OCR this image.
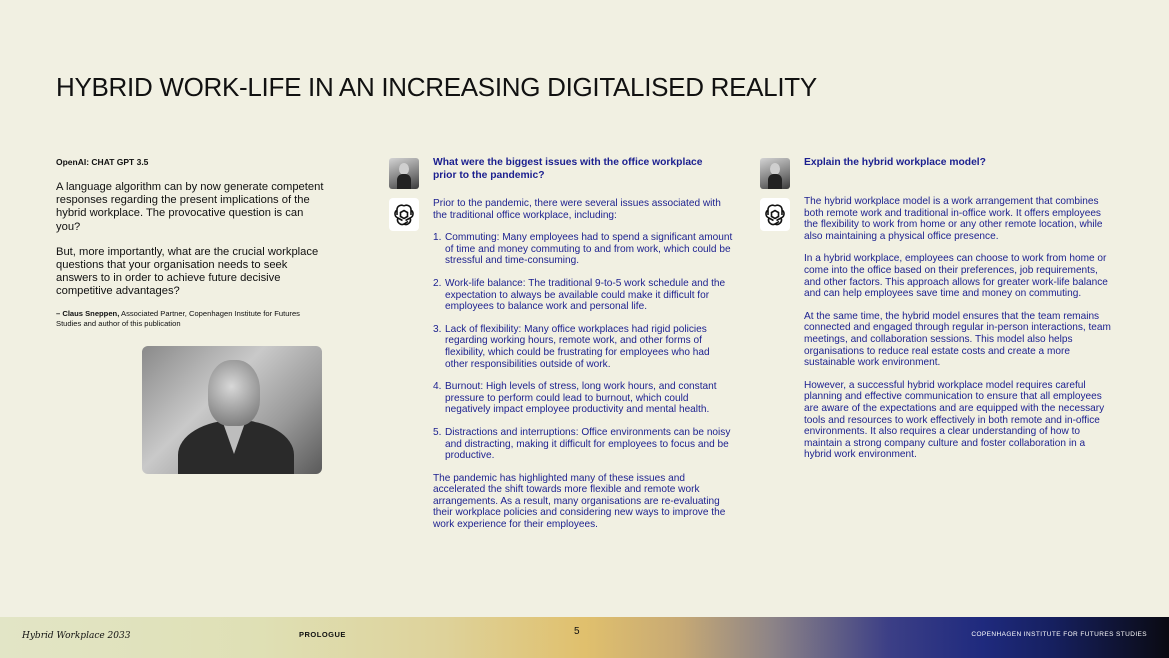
HYBRID WORK-LIFE IN AN INCREASING DIGITALISED REALITY
OpenAI: CHAT GPT 3.5

A language algorithm can by now generate competent responses regarding the present implications of the hybrid workplace. The provocative question is can you?

But, more importantly, what are the crucial workplace questions that your organisation needs to seek answers to in order to achieve future decisive competitive advantages?

– Claus Sneppen, Associated Partner, Copenhagen Institute for Futures Studies and author of this publication

What were the biggest issues with the office workplace prior to the pandemic?

Prior to the pandemic, there were several issues associated with the traditional office workplace, including:

1. Commuting: Many employees had to spend a significant amount of time and money commuting to and from work, which could be stressful and time-consuming.
2. Work-life balance: The traditional 9-to-5 work schedule and the expectation to always be available could make it difficult for employees to balance work and personal life.
3. Lack of flexibility: Many office workplaces had rigid policies regarding working hours, remote work, and other forms of flexibility, which could be frustrating for employees who had other responsibilities outside of work.
4. Burnout: High levels of stress, long work hours, and constant pressure to perform could lead to burnout, which could negatively impact employee productivity and mental health.
5. Distractions and interruptions: Office environments can be noisy and distracting, making it difficult for employees to focus and be productive.

The pandemic has highlighted many of these issues and accelerated the shift towards more flexible and remote work arrangements. As a result, many organisations are re-evaluating their workplace policies and considering new ways to improve the work experience for their employees.

Explain the hybrid workplace model?

The hybrid workplace model is a work arrangement that combines both remote work and traditional in-office work. It offers employees the flexibility to work from home or any other remote location, while also maintaining a physical office presence.

In a hybrid workplace, employees can choose to work from home or come into the office based on their preferences, job requirements, and other factors. This approach allows for greater work-life balance and can help employees save time and money on commuting.

At the same time, the hybrid model ensures that the team remains connected and engaged through regular in-person interactions, team meetings, and collaboration sessions. This model also helps organisations to reduce real estate costs and create a more sustainable work environment.

However, a successful hybrid workplace model requires careful planning and effective communication to ensure that all employees are aware of the expectations and are equipped with the necessary tools and resources to work effectively in both remote and in-office environments. It also requires a clear understanding of how to maintain a strong company culture and foster collaboration in a hybrid work environment.

Hybrid Workplace 2033	PROLOGUE	5	COPENHAGEN INSTITUTE FOR FUTURES STUDIES
